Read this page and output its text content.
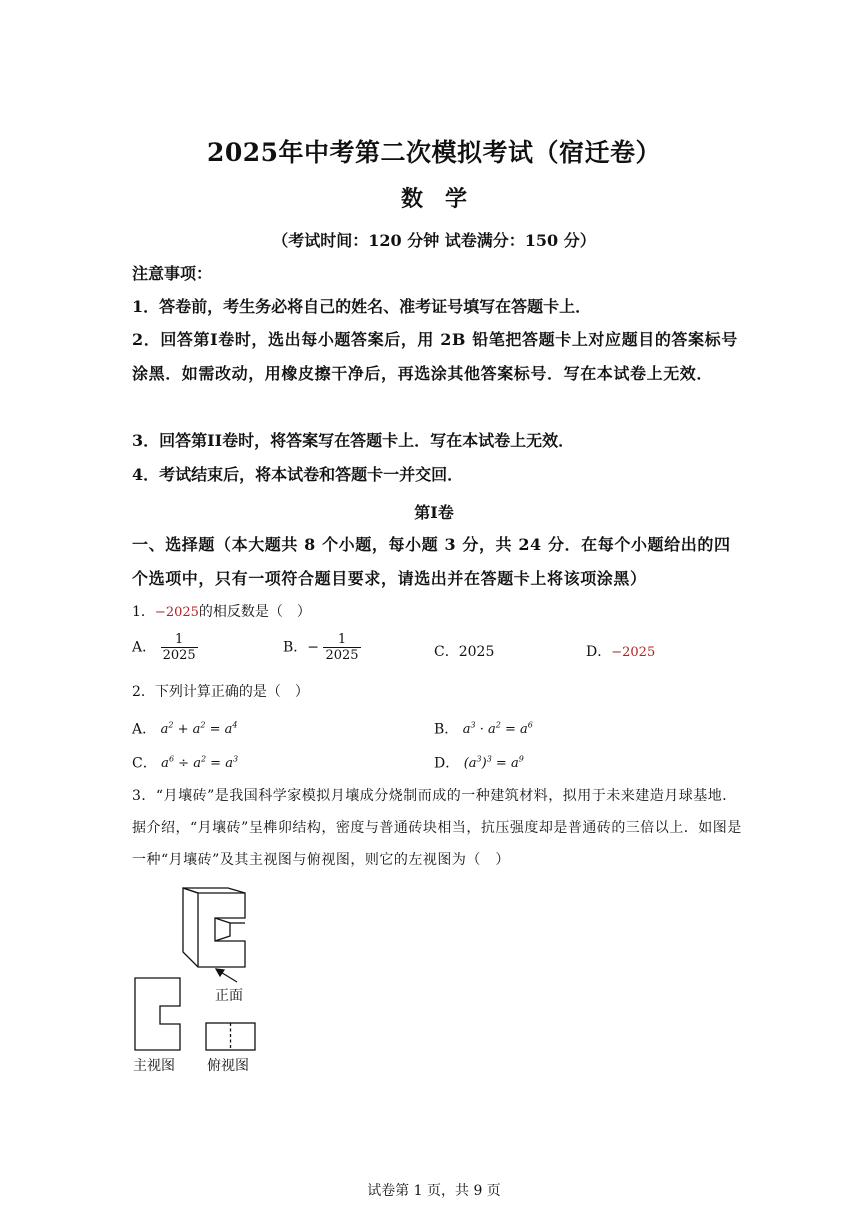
2025年中考第二次模拟考试（宿迁卷）
数学
（考试时间：120 分钟 试卷满分：150 分）
注意事项：
1．答卷前，考生务必将自己的姓名、准考证号填写在答题卡上．
2．回答第I卷时，选出每小题答案后，用 2B 铅笔把答题卡上对应题目的答案标号涂黑．如需改动，用橡皮擦干净后，再选涂其他答案标号．写在本试卷上无效．
3．回答第II卷时，将答案写在答题卡上．写在本试卷上无效．
4．考试结束后，将本试卷和答题卡一并交回．
第I卷
一、选择题（本大题共 8 个小题，每小题 3 分，共 24 分．在每个小题给出的四个选项中，只有一项符合题目要求，请选出并在答题卡上将该项涂黑）
1．−2025的相反数是（　）
A． $\frac{1}{2025}$	B．− $\frac{1}{2025}$	C．2025	D．−2025
2．下列计算正确的是（　）
A． $a^2 + a^2 = a^4$	B． $a^3 \cdot a^2 = a^6$
C． $a^6 \div a^2 = a^3$	D． $(a^3)^3 = a^9$
3．“月壤砖”是我国科学家模拟月壤成分烧制而成的一种建筑材料，拟用于未来建造月球基地．据介绍，“月壤砖”呈榫卯结构，密度与普通砖块相当，抗压强度却是普通砖的三倍以上．如图是一种“月壤砖”及其主视图与俯视图，则它的左视图为（　）
正面
主视图 俯视图
试卷第 1 页，共 9 页
